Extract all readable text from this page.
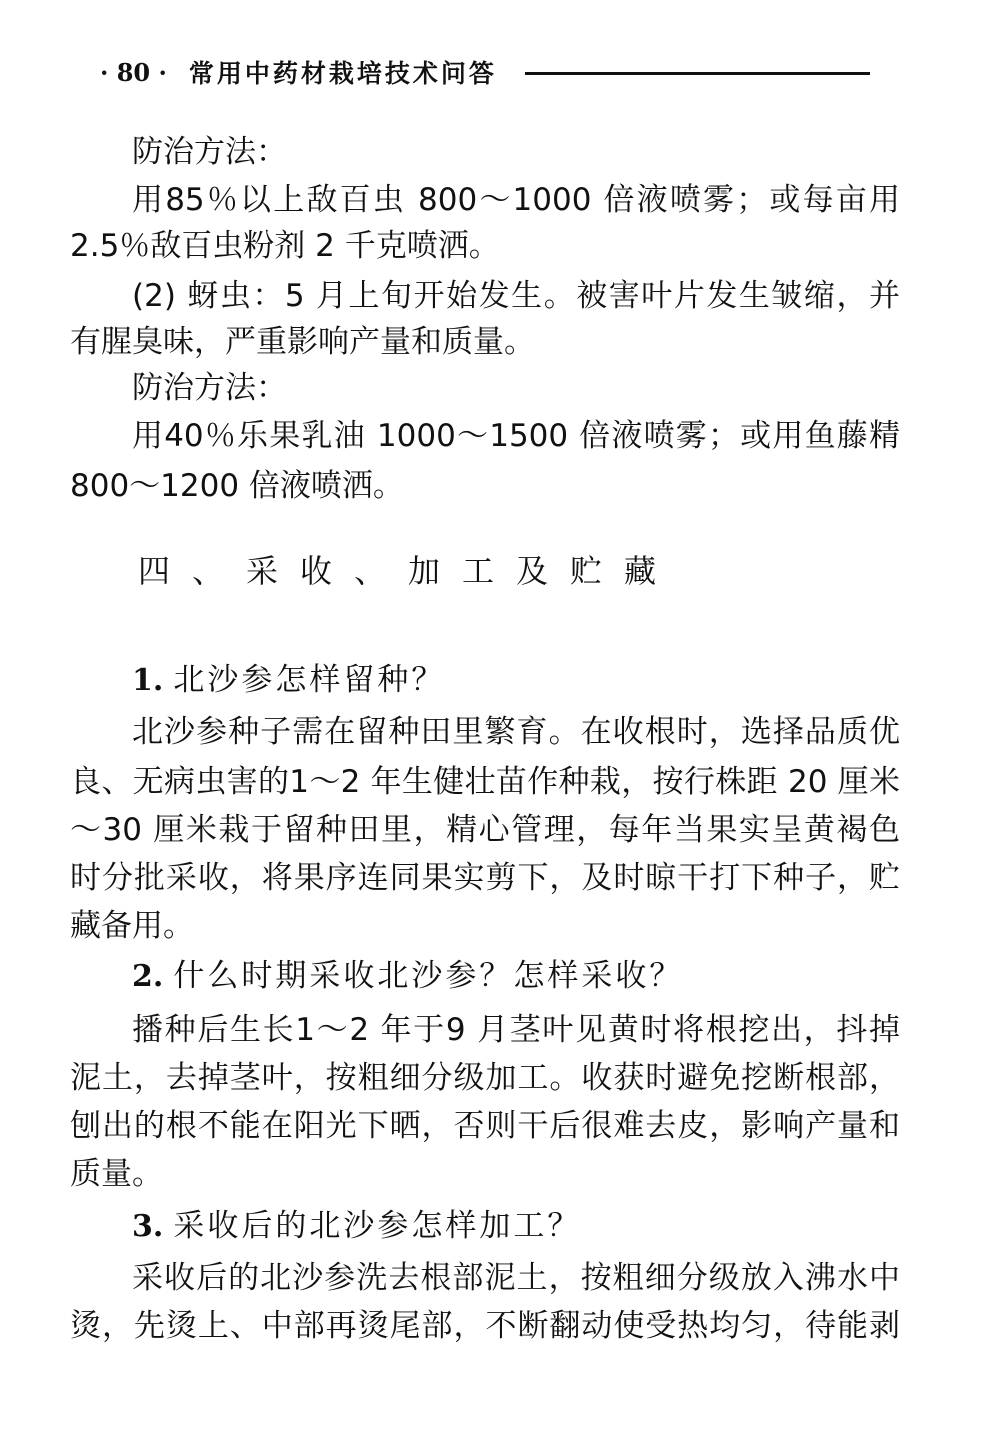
· 80 · 常用中药材栽培技术问答
防治方法：
用85％以上敌百虫 800～1000 倍液喷雾；或每亩用
2.5％敌百虫粉剂 2 千克喷洒。
(2) 蚜虫：5 月上旬开始发生。被害叶片发生皱缩，并
有腥臭味，严重影响产量和质量。
防治方法：
用40％乐果乳油 1000～1500 倍液喷雾；或用鱼藤精
800～1200 倍液喷洒。
四、采收、加工及贮藏
1. 北沙参怎样留种？
北沙参种子需在留种田里繁育。在收根时，选择品质优
良、无病虫害的1～2 年生健壮苗作种栽，按行株距 20 厘米
～30 厘米栽于留种田里，精心管理，每年当果实呈黄褐色
时分批采收，将果序连同果实剪下，及时晾干打下种子，贮
藏备用。
2. 什么时期采收北沙参？怎样采收？
播种后生长1～2 年于9 月茎叶见黄时将根挖出，抖掉
泥土，去掉茎叶，按粗细分级加工。收获时避免挖断根部，
刨出的根不能在阳光下晒，否则干后很难去皮，影响产量和
质量。
3. 采收后的北沙参怎样加工？
采收后的北沙参洗去根部泥土，按粗细分级放入沸水中
烫，先烫上、中部再烫尾部，不断翻动使受热均匀，待能剥
